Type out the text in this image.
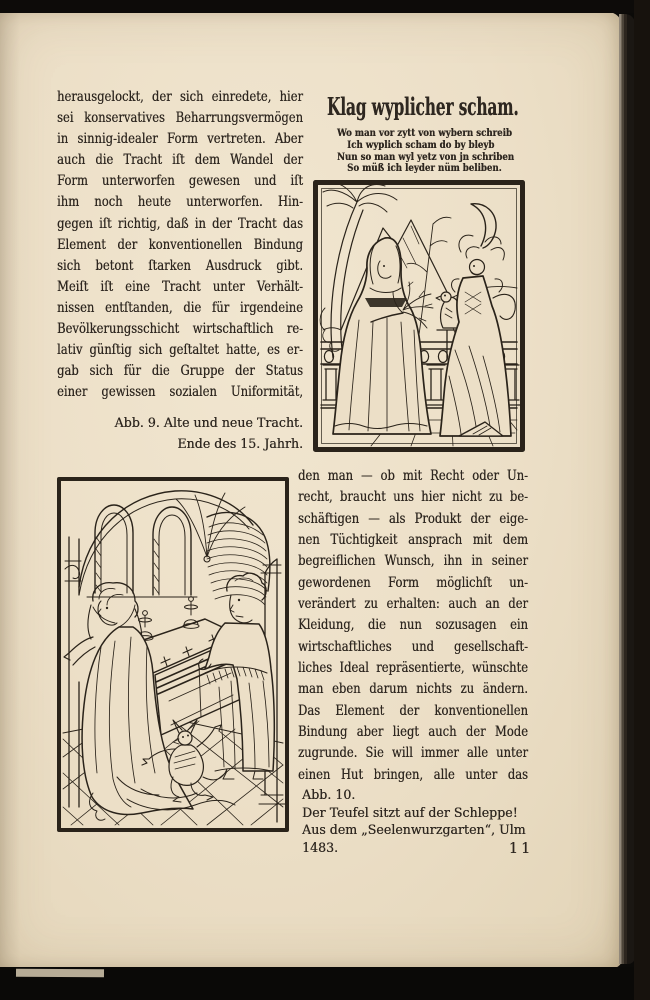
herausgelockt, der sich einredete, hier
sei konservatives Beharrungsvermögen
in sinnig-idealer Form vertreten. Aber
auch die Tracht iſt dem Wandel der
Form unterworfen gewesen und iſt
ihm noch heute unterworfen. Hin-
gegen iſt richtig, daß in der Tracht das
Element der konventionellen Bindung
sich betont ſtarken Ausdruck gibt.
Meiſt iſt eine Tracht unter Verhält-
nissen entſtanden, die für irgendeine
Bevölkerungsschicht wirtschaftlich re-
lativ günſtig sich geſtaltet hatte, es er-
gab sich für die Gruppe der Status
einer gewissen sozialen Uniformität,
Klag wyplicher scham.
Wo man vor zytt von wybern schreib
Ich wyplich scham do by bleyb
Nun so man wyl yetz von jn schriben
So müß ich leyder nüm beliben.
Abb. 9. Alte und neue Tracht.
Ende des 15. Jahrh.
den man — ob mit Recht oder Un-
recht, braucht uns hier nicht zu be-
schäftigen — als Produkt der eige-
nen Tüchtigkeit ansprach mit dem
begreiflichen Wunsch, ihn in seiner
gewordenen Form möglichſt un-
verändert zu erhalten: auch an der
Kleidung, die nun sozusagen ein
wirtschaftliches und gesellschaft-
liches Ideal repräsentierte, wünschte
man eben darum nichts zu ändern.
Das Element der konventionellen
Bindung aber liegt auch der Mode
zugrunde. Sie will immer alle unter
einen Hut bringen, alle unter das
Abb. 10.
Der Teufel sitzt auf der Schleppe!
Aus dem „Seelenwurzgarten“, Ulm 1483.	11
